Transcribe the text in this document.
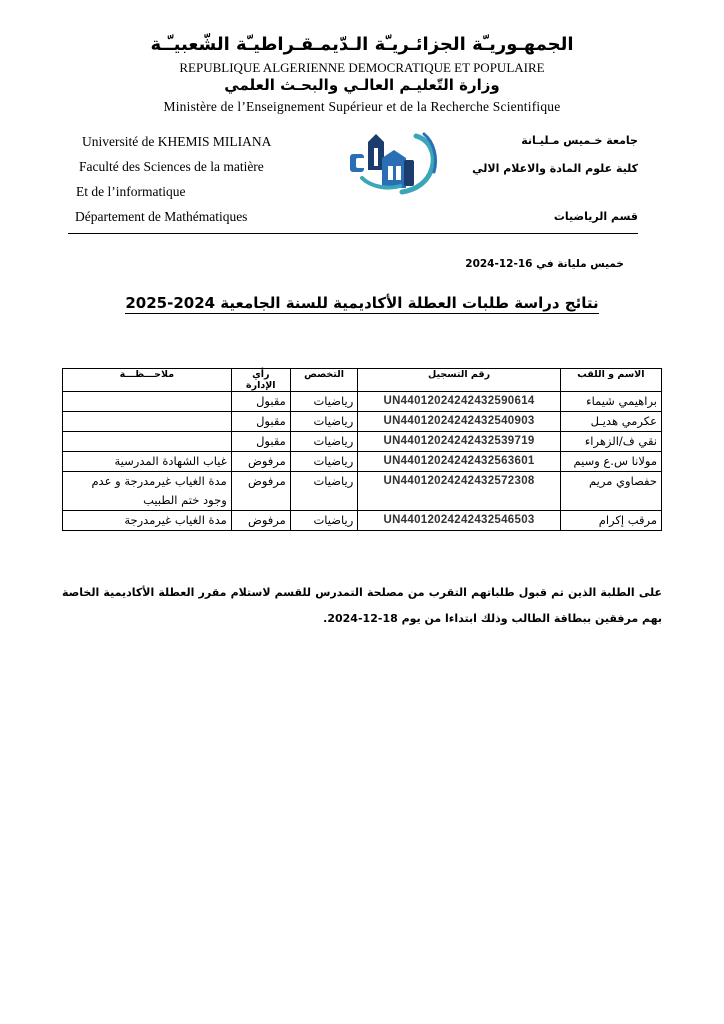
الجمهـوريـّة الجزائـريـّة الـدّيمـقـراطيـّة الشّعبيـّـة
REPUBLIQUE ALGERIENNE DEMOCRATIQUE ET POPULAIRE
وزارة التّعليـم العالـي والبحـث العلمي
Ministère de l’Enseignement Supérieur et de la Recherche Scientifique
Université de KHEMIS MILIANA
Faculté des Sciences de la matière
Et de l’informatique
Département de Mathématiques
جامعة خـميس مـليـانة
كلية علوم المادة والاعلام الالي
قسم الرياضيات
خميس مليانة في 16-12-2024
نتائج دراسة طلبات العطلة الأكاديمية للسنة الجامعية 2024-2025
الاسم و اللقب	رقم التسجيل	التخصص	رأي الإدارة	ملاحـــظـــة
براهيمي شيماء	UN44012024242432590614	رياضيات	مقبول	
عكرمي هديـل	UN44012024242432540903	رياضيات	مقبول	
نقي ف/الزهراء	UN44012024242432539719	رياضيات	مقبول	
مولانا س.ع وسيم	UN44012024242432563601	رياضيات	مرفوض	غياب الشهادة المدرسية
حفصاوي مريم	UN44012024242432572308	رياضيات	مرفوض	مدة الغياب غيرمدرجة و عدم وجود ختم الطبيب
مرقب إكرام	UN44012024242432546503	رياضيات	مرفوض	مدة الغياب غيرمدرجة
على الطلبة الذين تم قبول طلباتهم التقرب من مصلحة التمدرس للقسم لاستلام مقرر العطلة الأكاديمية الخاصة بهم مرفقين ببطاقة الطالب وذلك ابتداءا من يوم 18-12-2024.
